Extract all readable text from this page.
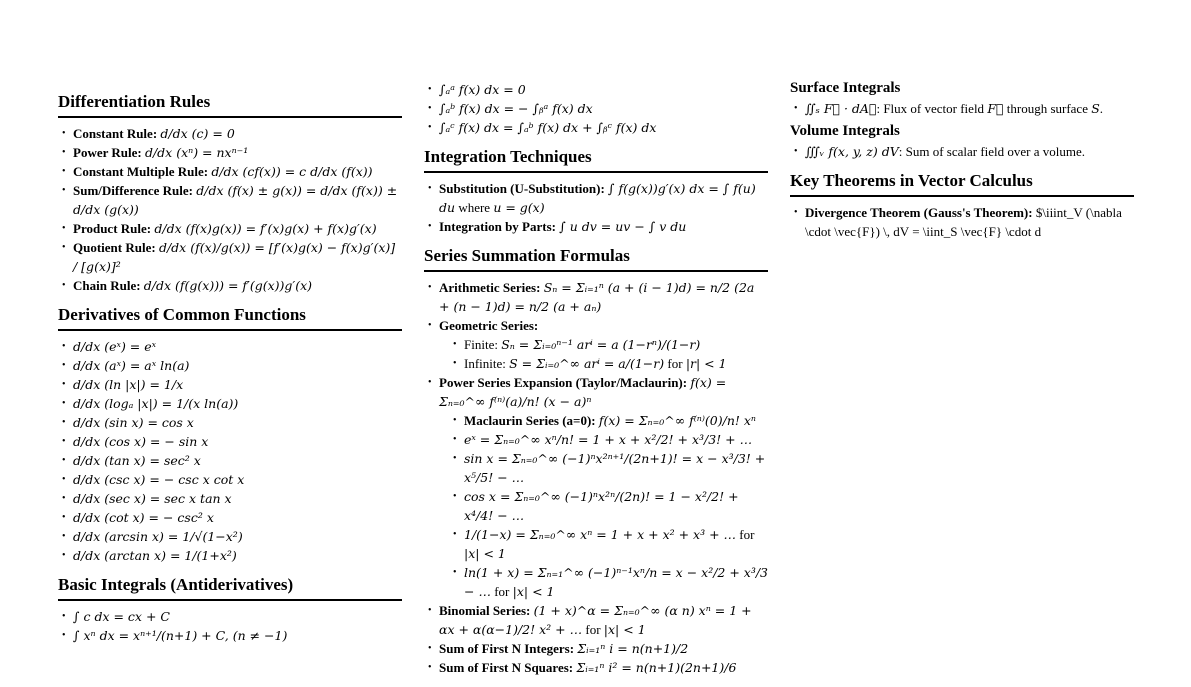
Differentiation Rules
• Constant Rule: d/dx (c) = 0
• Power Rule: d/dx (xⁿ) = nxⁿ⁻¹
• Constant Multiple Rule: d/dx (cf(x)) = c d/dx (f(x))
• Sum/Difference Rule: d/dx (f(x) ± g(x)) = d/dx (f(x)) ± d/dx (g(x))
• Product Rule: d/dx (f(x)g(x)) = f′(x)g(x) + f(x)g′(x)
• Quotient Rule: d/dx (f(x)/g(x)) = [f′(x)g(x) − f(x)g′(x)] / [g(x)]²
• Chain Rule: d/dx (f(g(x))) = f′(g(x))g′(x)
Derivatives of Common Functions
• d/dx (eˣ) = eˣ
• d/dx (aˣ) = aˣ ln(a)
• d/dx (ln |x|) = 1/x
• d/dx (logₐ |x|) = 1/(x ln(a))
• d/dx (sin x) = cos x
• d/dx (cos x) = − sin x
• d/dx (tan x) = sec² x
• d/dx (csc x) = − csc x cot x
• d/dx (sec x) = sec x tan x
• d/dx (cot x) = − csc² x
• d/dx (arcsin x) = 1/√(1−x²)
• d/dx (arctan x) = 1/(1+x²)
Basic Integrals (Antiderivatives)
• ∫ c dx = cx + C
• ∫ xⁿ dx = xⁿ⁺¹/(n+1) + C, (n ≠ −1)
• ∫ₐᵃ f(x) dx = 0
• ∫ₐᵇ f(x) dx = − ∫ᵦᵃ f(x) dx
• ∫ₐᶜ f(x) dx = ∫ₐᵇ f(x) dx + ∫ᵦᶜ f(x) dx
Integration Techniques
• Substitution (U-Substitution): ∫ f(g(x))g′(x) dx = ∫ f(u) du where u = g(x)
• Integration by Parts: ∫ u dv = uv − ∫ v du
Series Summation Formulas
• Arithmetic Series: Sₙ = Σᵢ₌₁ⁿ (a + (i − 1)d) = n/2 (2a + (n − 1)d) = n/2 (a + aₙ)
• Geometric Series:
• Finite: Sₙ = Σᵢ₌₀ⁿ⁻¹ arⁱ = a (1−rⁿ)/(1−r)
• Infinite: S = Σᵢ₌₀^∞ arⁱ = a/(1−r) for |r| < 1
• Power Series Expansion (Taylor/Maclaurin): f(x) = Σₙ₌₀^∞ f⁽ⁿ⁾(a)/n! (x − a)ⁿ
• Maclaurin Series (a=0): f(x) = Σₙ₌₀^∞ f⁽ⁿ⁾(0)/n! xⁿ
• eˣ = Σₙ₌₀^∞ xⁿ/n! = 1 + x + x²/2! + x³/3! + …
• sin x = Σₙ₌₀^∞ (−1)ⁿx²ⁿ⁺¹/(2n+1)! = x − x³/3! + x⁵/5! − …
• cos x = Σₙ₌₀^∞ (−1)ⁿx²ⁿ/(2n)! = 1 − x²/2! + x⁴/4! − …
• 1/(1−x) = Σₙ₌₀^∞ xⁿ = 1 + x + x² + x³ + … for |x| < 1
• ln(1 + x) = Σₙ₌₁^∞ (−1)ⁿ⁻¹xⁿ/n = x − x²/2 + x³/3 − … for |x| < 1
• Binomial Series: (1 + x)^α = Σₙ₌₀^∞ (α n) xⁿ = 1 + αx + α(α−1)/2! x² + … for |x| < 1
• Sum of First N Integers: Σᵢ₌₁ⁿ i = n(n+1)/2
• Sum of First N Squares: Σᵢ₌₁ⁿ i² = n(n+1)(2n+1)/6
Surface Integrals
• ∬ₛ F⃗ · dA⃗: Flux of vector field F⃗ through surface S.
Volume Integrals
• ∭ᵥ f(x, y, z) dV: Sum of scalar field over a volume.
Key Theorems in Vector Calculus
• Divergence Theorem (Gauss's Theorem): $\iiint_V (\nabla \cdot \vec{F}) \, dV = \iint_S \vec{F} \cdot d
